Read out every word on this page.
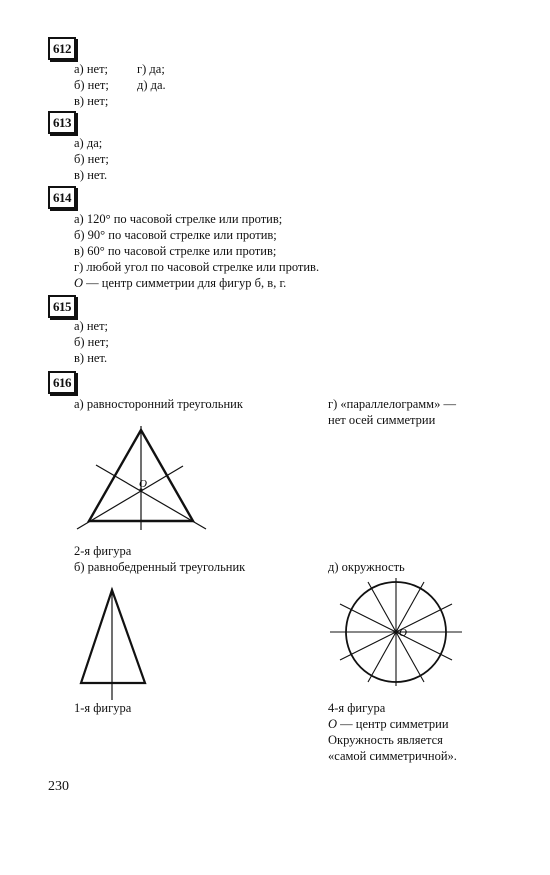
612
а) нет;
б) нет;
в) нет;
г) да;
д) да.
613
а) да;
б) нет;
в) нет.
614
а) 120° по часовой стрелке или против;
б) 90° по часовой стрелке или против;
в) 60° по часовой стрелке или против;
г) любой угол по часовой стрелке или против.
O — центр симметрии для фигур б, в, г.
615
а) нет;
б) нет;
в) нет.
616
а) равносторонний треугольник	г) «параллелограмм» —
нет осей симметрии
O
2-я фигура
б) равнобедренный треугольник	д) окружность
O
1-я фигура	4-я фигура
O — центр симметрии
Окружность является
«самой симметричной».
230
